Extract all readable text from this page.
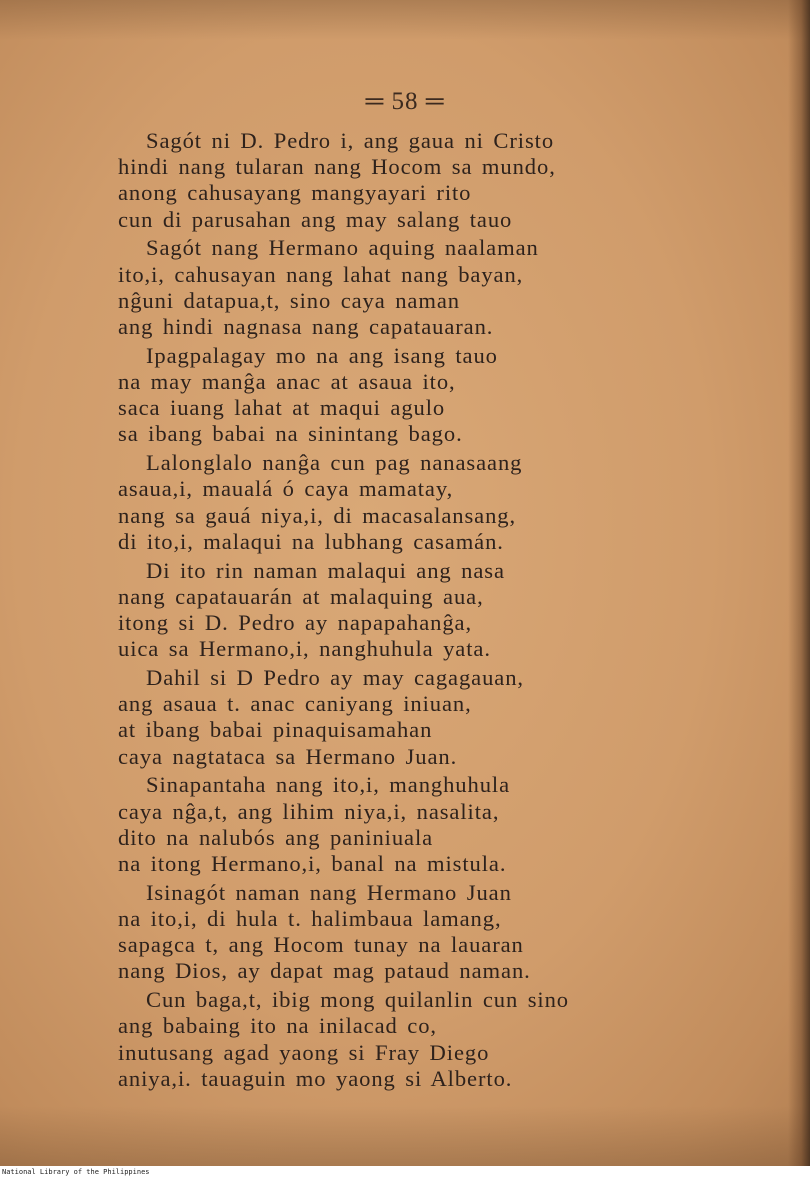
═ 58 ═
Sagót ni D. Pedro i, ang gaua ni Cristo
hindi nang tularan nang Hocom sa mundo,
anong cahusayang mangyayari rito
cun di parusahan ang may salang tauo
Sagót nang Hermano aquing naalaman
ito,i, cahusayan nang lahat nang bayan,
nĝuni datapua,t, sino caya naman
ang hindi nagnasa nang capatauaran.
Ipagpalagay mo na ang isang tauo
na may manĝa anac at asaua ito,
saca iuang lahat at maqui agulo
sa ibang babai na sinintang bago.
Lalonglalo nanĝa cun pag nanasaang
asaua,i, maualá ó caya mamatay,
nang sa gauá niya,i, di macasalansang,
di ito,i, malaqui na lubhang casamán.
Di ito rin naman malaqui ang nasa
nang capatauarán at malaquing aua,
itong si D. Pedro ay napapahanĝa,
uica sa Hermano,i, nanghuhula yata.
Dahil si D Pedro ay may cagagauan,
ang asaua t. anac caniyang iniuan,
at ibang babai pinaquisamahan
caya nagtataca sa Hermano Juan.
Sinapantaha nang ito,i, manghuhula
caya nĝa,t, ang lihim niya,i, nasalita,
dito na nalubós ang paniniuala
na itong Hermano,i, banal na mistula.
Isinagót naman nang Hermano Juan
na ito,i, di hula t. halimbaua lamang,
sapagca t, ang Hocom tunay na lauaran
nang Dios, ay dapat mag pataud naman.
Cun baga,t, ibig mong quilanlin cun sino
ang babaing ito na inilacad co,
inutusang agad yaong si Fray Diego
aniya,i. tauaguin mo yaong si Alberto.
National Library of the Philippines
